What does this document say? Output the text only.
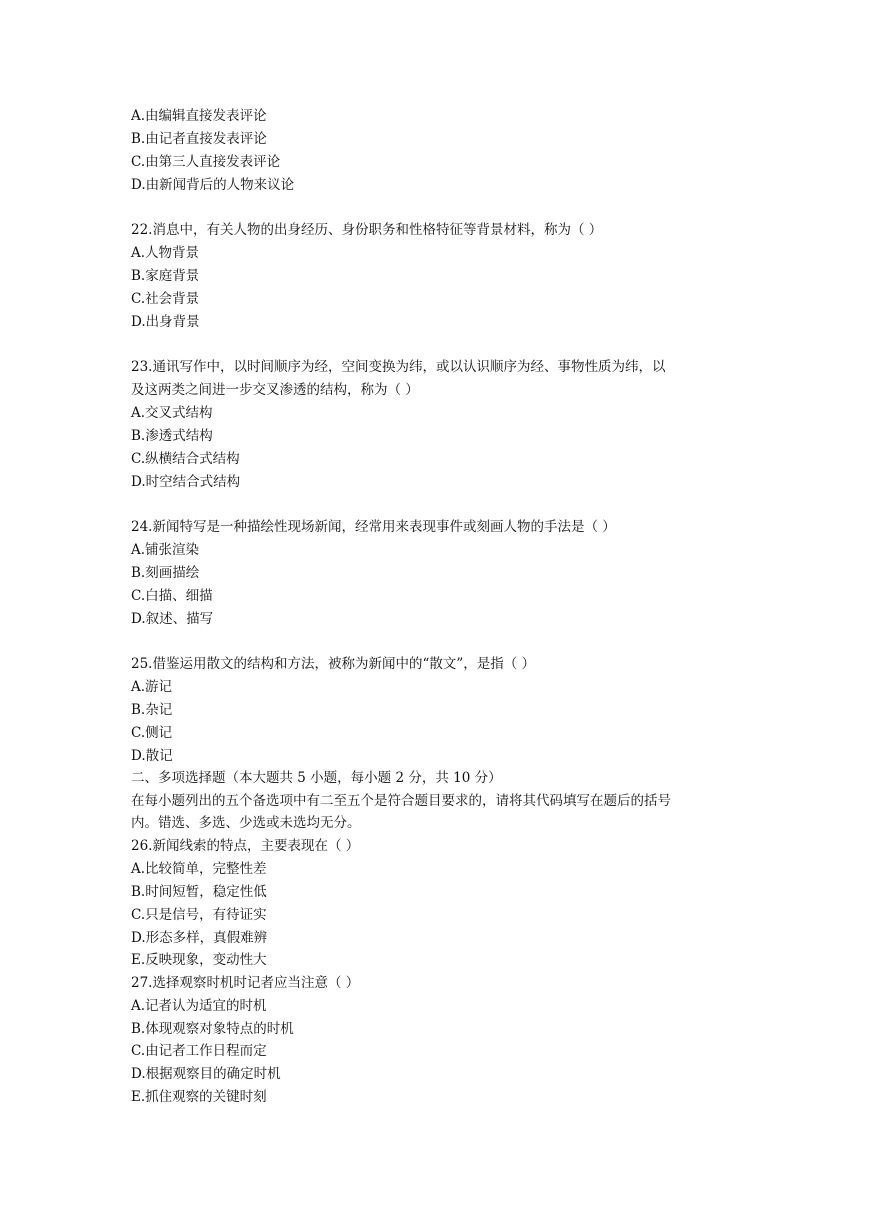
A.由编辑直接发表评论
B.由记者直接发表评论
C.由第三人直接发表评论
D.由新闻背后的人物来议论
22.消息中，有关人物的出身经历、身份职务和性格特征等背景材料，称为（ ）
A.人物背景
B.家庭背景
C.社会背景
D.出身背景
23.通讯写作中，以时间顺序为经，空间变换为纬，或以认识顺序为经、事物性质为纬，以
及这两类之间进一步交叉渗透的结构，称为（ ）
A.交叉式结构
B.渗透式结构
C.纵横结合式结构
D.时空结合式结构
24.新闻特写是一种描绘性现场新闻，经常用来表现事件或刻画人物的手法是（ ）
A.铺张渲染
B.刻画描绘
C.白描、细描
D.叙述、描写
25.借鉴运用散文的结构和方法，被称为新闻中的“散文”，是指（ ）
A.游记
B.杂记
C.侧记
D.散记
二、多项选择题（本大题共 5 小题，每小题 2 分，共 10 分）
在每小题列出的五个备选项中有二至五个是符合题目要求的，请将其代码填写在题后的括号
内。错选、多选、少选或未选均无分。
26.新闻线索的特点，主要表现在（ ）
A.比较简单，完整性差
B.时间短暂，稳定性低
C.只是信号，有待证实
D.形态多样，真假难辨
E.反映现象，变动性大
27.选择观察时机时记者应当注意（ ）
A.记者认为适宜的时机
B.体现观察对象特点的时机
C.由记者工作日程而定
D.根据观察目的确定时机
E.抓住观察的关键时刻
